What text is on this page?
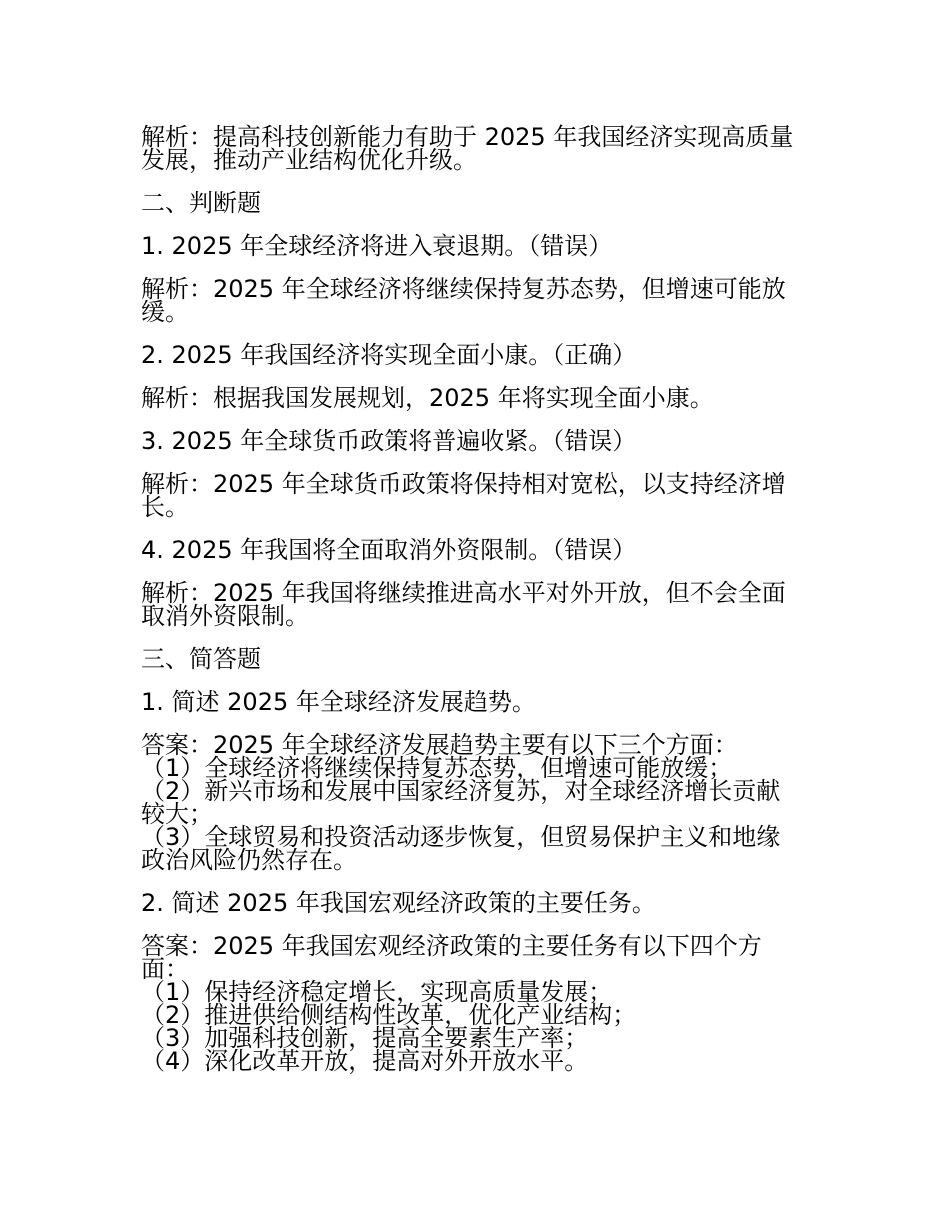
解析：提高科技创新能力有助于 2025 年我国经济实现高质量
发展，推动产业结构优化升级。
二、判断题
1. 2025 年全球经济将进入衰退期。（错误）
解析：2025 年全球经济将继续保持复苏态势，但增速可能放
缓。
2. 2025 年我国经济将实现全面小康。（正确）
解析：根据我国发展规划，2025 年将实现全面小康。
3. 2025 年全球货币政策将普遍收紧。（错误）
解析：2025 年全球货币政策将保持相对宽松，以支持经济增
长。
4. 2025 年我国将全面取消外资限制。（错误）
解析：2025 年我国将继续推进高水平对外开放，但不会全面
取消外资限制。
三、简答题
1. 简述 2025 年全球经济发展趋势。
答案：2025 年全球经济发展趋势主要有以下三个方面：
（1）全球经济将继续保持复苏态势，但增速可能放缓；
（2）新兴市场和发展中国家经济复苏，对全球经济增长贡献
较大；
（3）全球贸易和投资活动逐步恢复，但贸易保护主义和地缘
政治风险仍然存在。
2. 简述 2025 年我国宏观经济政策的主要任务。
答案：2025 年我国宏观经济政策的主要任务有以下四个方
面：
（1）保持经济稳定增长，实现高质量发展；
（2）推进供给侧结构性改革，优化产业结构；
（3）加强科技创新，提高全要素生产率；
（4）深化改革开放，提高对外开放水平。
